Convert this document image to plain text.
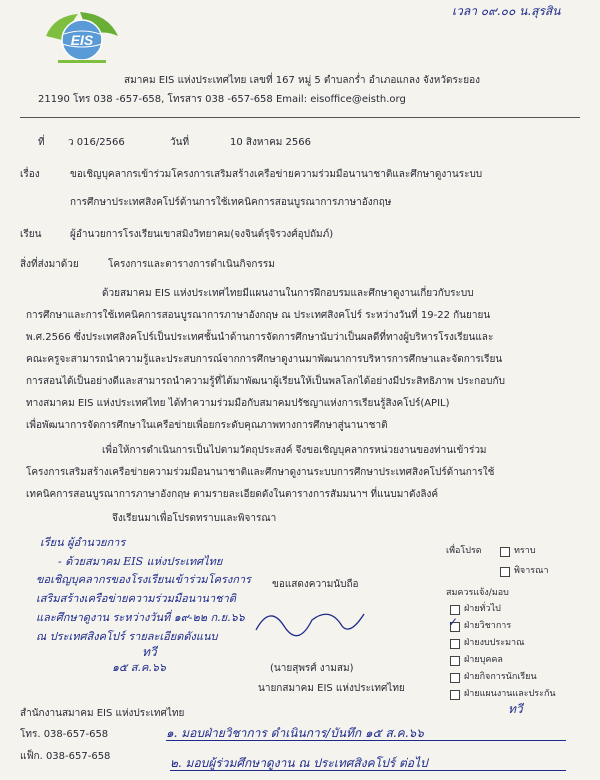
เวลา ๐๙.๐๐ น.สุรสิน
EIS
สมาคม EIS แห่งประเทศไทย เลขที่ 167 หมู่ 5 ตำบลกร่ำ อำเภอแกลง จังหวัดระยอง
21190 โทร 038 -657-658, โทรสาร 038 -657-658 Email: eisoffice@eisth.org
ที่ ว 016/2566	วันที่	10 สิงหาคม 2566
เรื่อง	ขอเชิญบุคลากรเข้าร่วมโครงการเสริมสร้างเครือข่ายความร่วมมือนานาชาติและศึกษาดูงานระบบ
การศึกษาประเทศสิงคโปร์ด้านการใช้เทคนิคการสอนบูรณาการภาษาอังกฤษ
เรียน	ผู้อำนวยการโรงเรียนเขาสมิงวิทยาคม(จงจินต์รุจิรวงศ์อุปถัมภ์)
สิ่งที่ส่งมาด้วย	โครงการและตารางการดำเนินกิจกรรม
ด้วยสมาคม EIS แห่งประเทศไทยมีแผนงานในการฝึกอบรมและศึกษาดูงานเกี่ยวกับระบบ
การศึกษาและการใช้เทคนิคการสอนบูรณาการภาษาอังกฤษ ณ ประเทศสิงคโปร์ ระหว่างวันที่ 19-22 กันยายน
พ.ศ.2566 ซึ่งประเทศสิงคโปร์เป็นประเทศชั้นนำด้านการจัดการศึกษานับว่าเป็นผลดีที่ทางผู้บริหารโรงเรียนและ
คณะครูจะสามารถนำความรู้และประสบการณ์จากการศึกษาดูงานมาพัฒนาการบริหารการศึกษาและจัดการเรียน
การสอนได้เป็นอย่างดีและสามารถนำความรู้ที่ได้มาพัฒนาผู้เรียนให้เป็นพลโลกได้อย่างมีประสิทธิภาพ ประกอบกับ
ทางสมาคม EIS แห่งประเทศไทย ได้ทำความร่วมมือกับสมาคมปรัชญาแห่งการเรียนรู้สิงคโปร์(APIL)
เพื่อพัฒนาการจัดการศึกษาในเครือข่ายเพื่อยกระดับคุณภาพทางการศึกษาสู่นานาชาติ
เพื่อให้การดำเนินการเป็นไปตามวัตถุประสงค์ จึงขอเชิญบุคลากรหน่วยงานของท่านเข้าร่วม
โครงการเสริมสร้างเครือข่ายความร่วมมือนานาชาติและศึกษาดูงานระบบการศึกษาประเทศสิงคโปร์ด้านการใช้
เทคนิคการสอนบูรณาการภาษาอังกฤษ ตามรายละเอียดดังในตารางการสัมมนาฯ ที่แนบมาดังลิงค์
จึงเรียนมาเพื่อโปรดทราบและพิจารณา
เรียน ผู้อำนวยการ
- ด้วยสมาคม EIS แห่งประเทศไทย
ขอเชิญบุคลากรของโรงเรียนเข้าร่วมโครงการ
เสริมสร้างเครือข่ายความร่วมมือนานาชาติ
และศึกษาดูงาน ระหว่างวันที่ ๑๙-๒๒ ก.ย.๖๖
ณ ประเทศสิงคโปร์ รายละเอียดดังแนบ
ทวี
๑๕ ส.ค.๖๖
ขอแสดงความนับถือ
(นายสุพรศ์ งามสม)
นายกสมาคม EIS แห่งประเทศไทย
เพื่อโปรด	ทราบ
พิจารณา
สมควรแจ้ง/มอบ
ฝ่ายทั่วไป
✓ ฝ่ายวิชาการ
ฝ่ายงบประมาณ
ฝ่ายบุคคล
ฝ่ายกิจการนักเรียน
ฝ่ายแผนงานและประกัน
สำนักงานสมาคม EIS แห่งประเทศไทย
โทร. 038-657-658
แฟ็ก. 038-657-658
ทวี
๑. มอบฝ่ายวิชาการ ดำเนินการ/บันทึก ๑๕ ส.ค.๖๖
๒. มอบผู้ร่วมศึกษาดูงาน ณ ประเทศสิงคโปร์ ต่อไป
